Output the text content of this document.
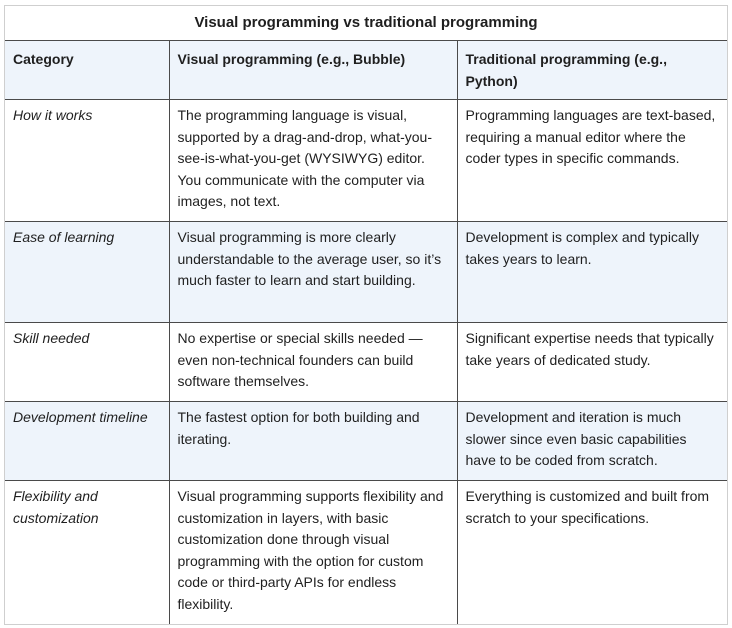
Visual programming vs traditional programming		
Category	Visual programming (e.g., Bubble)	Traditional programming (e.g., Python)
How it works	The programming language is visual, supported by a drag-and-drop, what-you-see-is-what-you-get (WYSIWYG) editor. You communicate with the computer via images, not text.	Programming languages are text-based, requiring a manual editor where the coder types in specific commands.
Ease of learning	Visual programming is more clearly understandable to the average user, so it’s much faster to learn and start building.	Development is complex and typically takes years to learn.
Skill needed	No expertise or special skills needed — even non-technical founders can build software themselves.	Significant expertise needs that typically take years of dedicated study.
Development timeline	The fastest option for both building and iterating.	Development and iteration is much slower since even basic capabilities have to be coded from scratch.
Flexibility and customization	Visual programming supports flexibility and customization in layers, with basic customization done through visual programming with the option for custom code or third-party APIs for endless flexibility.	Everything is customized and built from scratch to your specifications.
